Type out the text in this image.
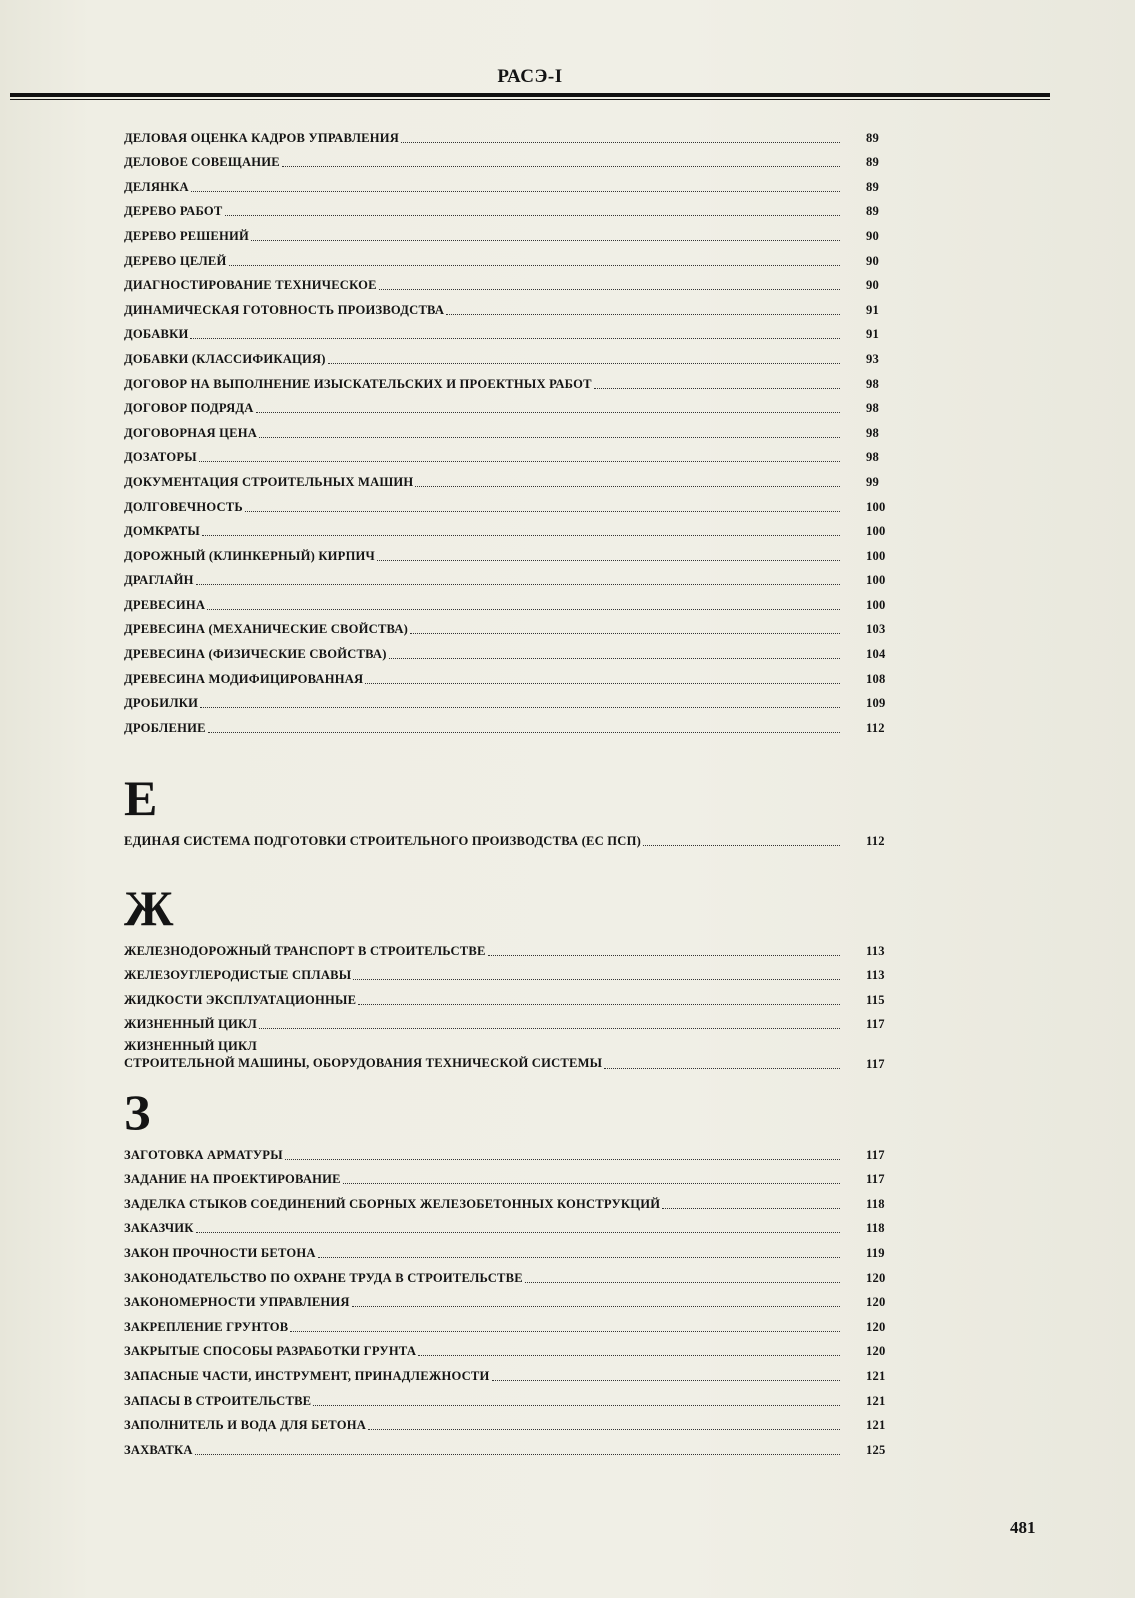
РАСЭ-I
ДЕЛОВАЯ ОЦЕНКА КАДРОВ УПРАВЛЕНИЯ	89
ДЕЛОВОЕ СОВЕЩАНИЕ	89
ДЕЛЯНКА	89
ДЕРЕВО РАБОТ	89
ДЕРЕВО РЕШЕНИЙ	90
ДЕРЕВО ЦЕЛЕЙ	90
ДИАГНОСТИРОВАНИЕ ТЕХНИЧЕСКОЕ	90
ДИНАМИЧЕСКАЯ ГОТОВНОСТЬ ПРОИЗВОДСТВА	91
ДОБАВКИ	91
ДОБАВКИ (КЛАССИФИКАЦИЯ)	93
ДОГОВОР НА ВЫПОЛНЕНИЕ ИЗЫСКАТЕЛЬСКИХ И ПРОЕКТНЫХ РАБОТ	98
ДОГОВОР ПОДРЯДА	98
ДОГОВОРНАЯ ЦЕНА	98
ДОЗАТОРЫ	98
ДОКУМЕНТАЦИЯ СТРОИТЕЛЬНЫХ МАШИН	99
ДОЛГОВЕЧНОСТЬ	100
ДОМКРАТЫ	100
ДОРОЖНЫЙ (КЛИНКЕРНЫЙ) КИРПИЧ	100
ДРАГЛАЙН	100
ДРЕВЕСИНА	100
ДРЕВЕСИНА (МЕХАНИЧЕСКИЕ СВОЙСТВА)	103
ДРЕВЕСИНА (ФИЗИЧЕСКИЕ СВОЙСТВА)	104
ДРЕВЕСИНА МОДИФИЦИРОВАННАЯ	108
ДРОБИЛКИ	109
ДРОБЛЕНИЕ	112
Е
ЕДИНАЯ СИСТЕМА ПОДГОТОВКИ СТРОИТЕЛЬНОГО ПРОИЗВОДСТВА (ЕС ПСП)	112
Ж
ЖЕЛЕЗНОДОРОЖНЫЙ ТРАНСПОРТ В СТРОИТЕЛЬСТВЕ	113
ЖЕЛЕЗОУГЛЕРОДИСТЫЕ СПЛАВЫ	113
ЖИДКОСТИ ЭКСПЛУАТАЦИОННЫЕ	115
ЖИЗНЕННЫЙ ЦИКЛ	117
ЖИЗНЕННЫЙ ЦИКЛ
СТРОИТЕЛЬНОЙ МАШИНЫ, ОБОРУДОВАНИЯ ТЕХНИЧЕСКОЙ СИСТЕМЫ	117
З
ЗАГОТОВКА АРМАТУРЫ	117
ЗАДАНИЕ НА ПРОЕКТИРОВАНИЕ	117
ЗАДЕЛКА СТЫКОВ СОЕДИНЕНИЙ СБОРНЫХ ЖЕЛЕЗОБЕТОННЫХ КОНСТРУКЦИЙ	118
ЗАКАЗЧИК	118
ЗАКОН ПРОЧНОСТИ БЕТОНА	119
ЗАКОНОДАТЕЛЬСТВО ПО ОХРАНЕ ТРУДА В СТРОИТЕЛЬСТВЕ	120
ЗАКОНОМЕРНОСТИ УПРАВЛЕНИЯ	120
ЗАКРЕПЛЕНИЕ ГРУНТОВ	120
ЗАКРЫТЫЕ СПОСОБЫ РАЗРАБОТКИ ГРУНТА	120
ЗАПАСНЫЕ ЧАСТИ, ИНСТРУМЕНТ, ПРИНАДЛЕЖНОСТИ	121
ЗАПАСЫ В СТРОИТЕЛЬСТВЕ	121
ЗАПОЛНИТЕЛЬ И ВОДА ДЛЯ БЕТОНА	121
ЗАХВАТКА	125
481
